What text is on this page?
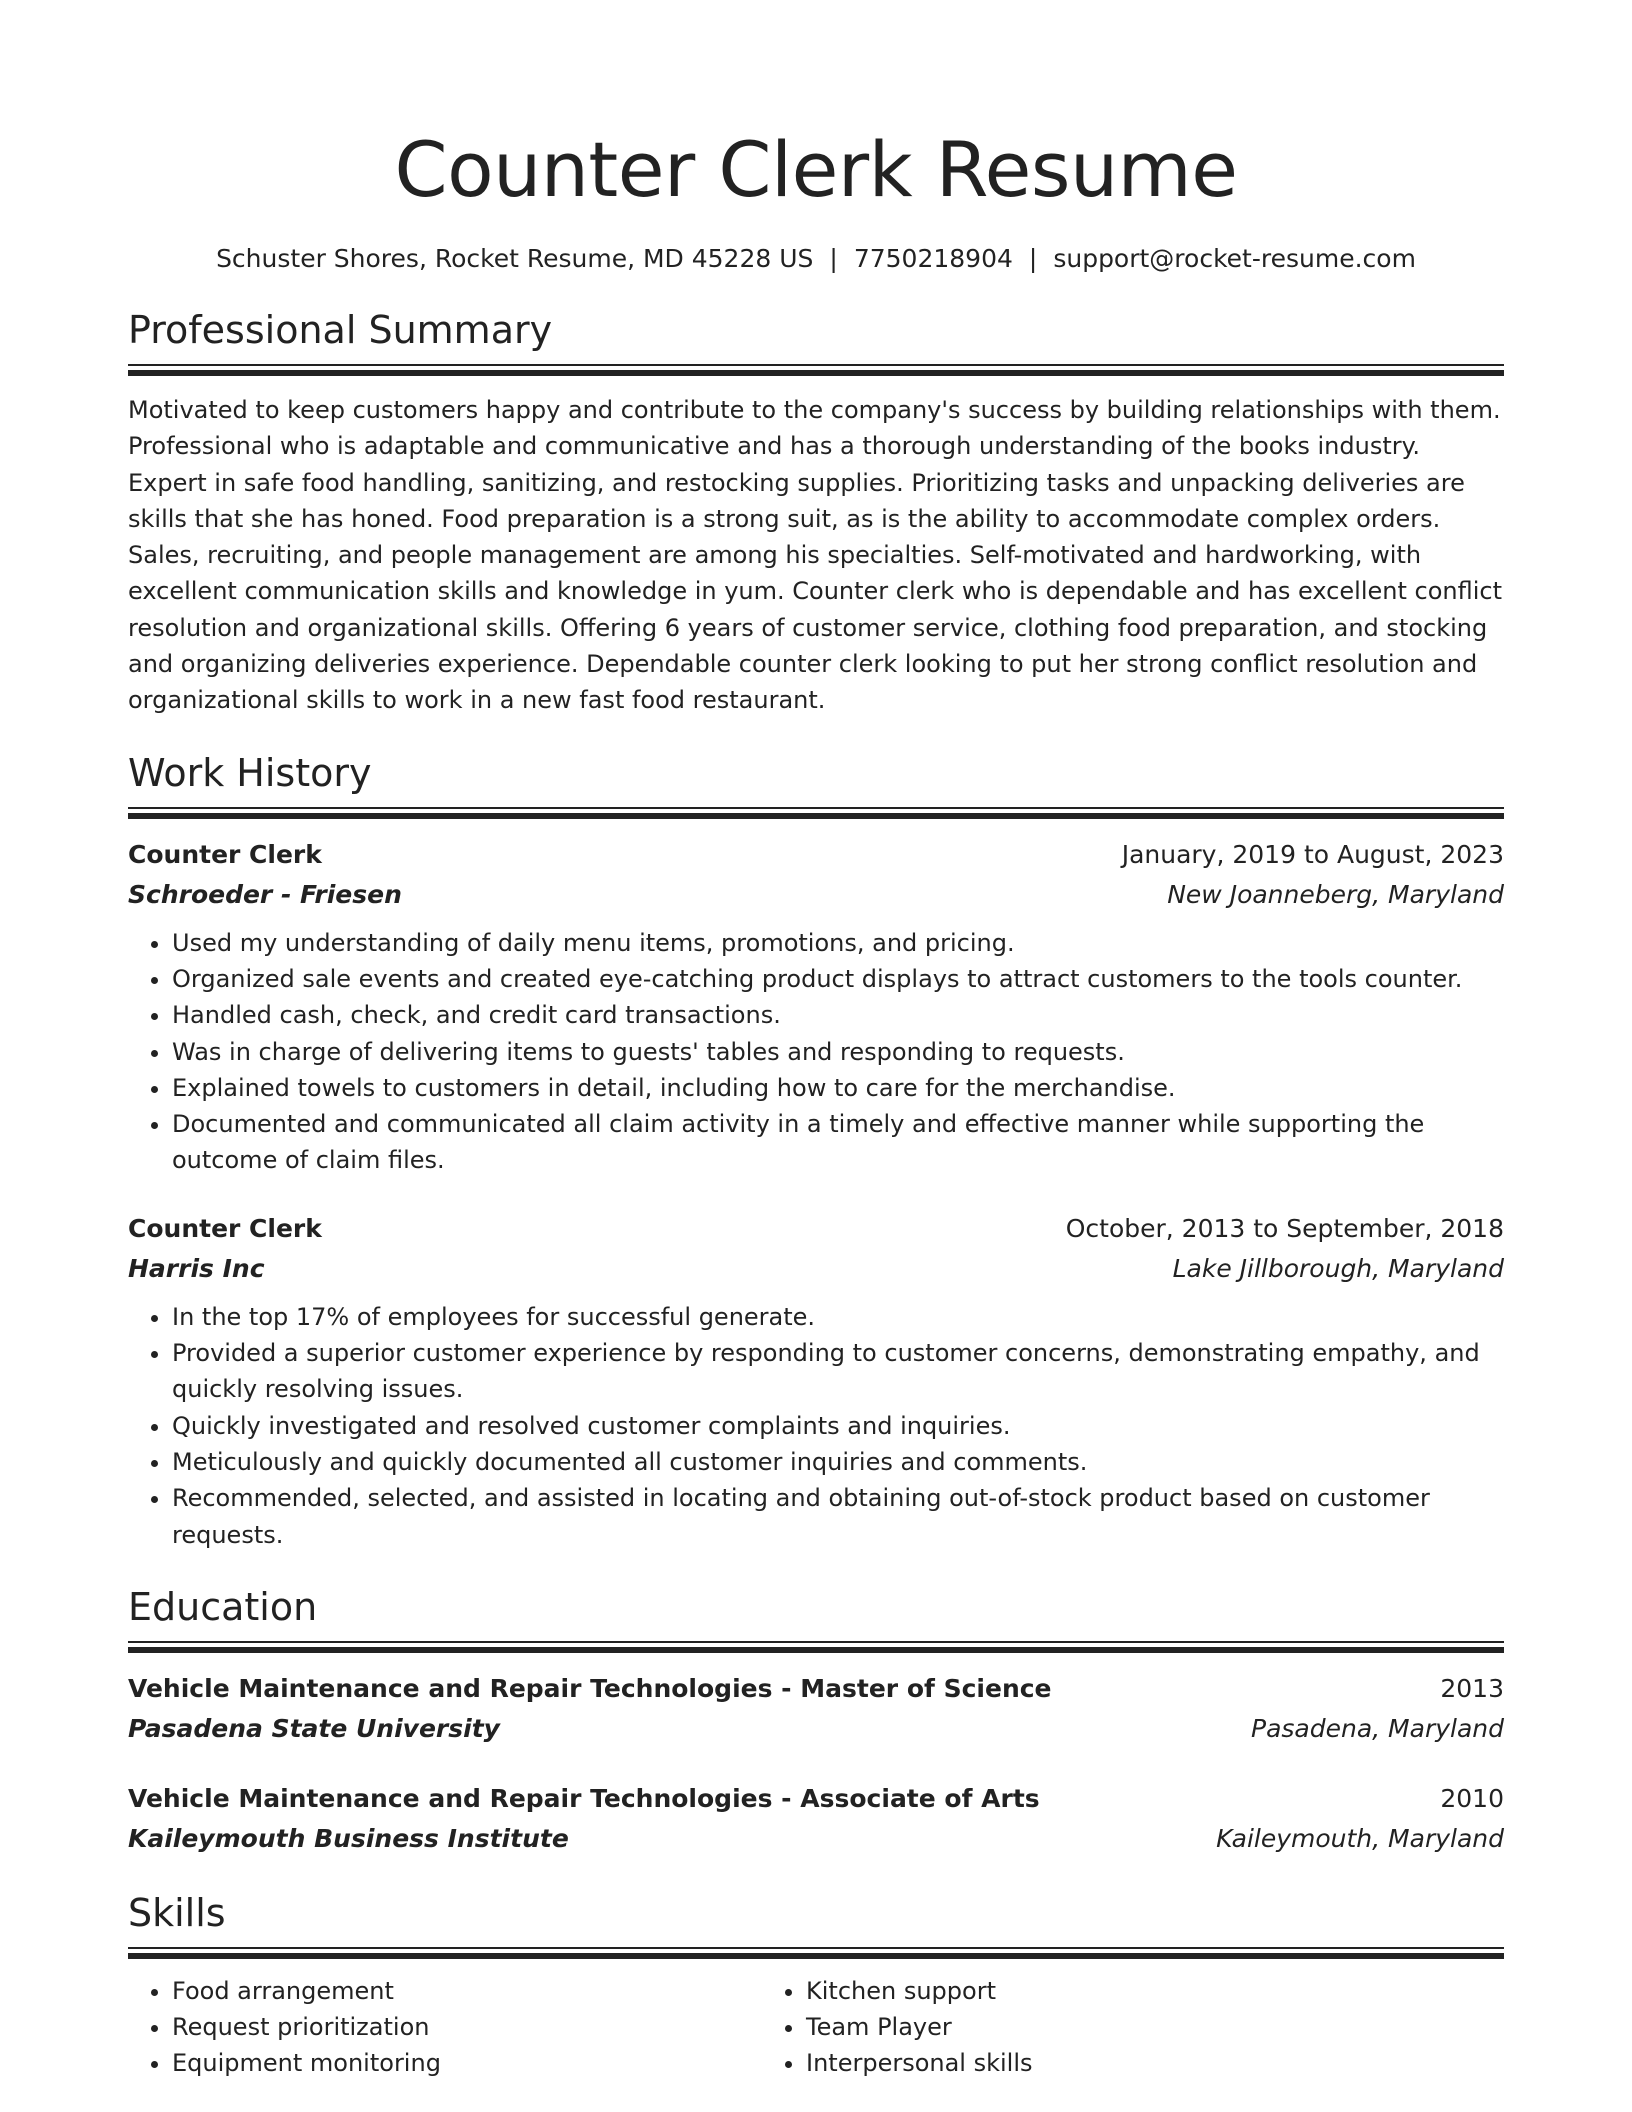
Counter Clerk Resume
Schuster Shores, Rocket Resume, MD 45228 US | 7750218904 | support@rocket-resume.com
Professional Summary
Motivated to keep customers happy and contribute to the company's success by building relationships with them. Professional who is adaptable and communicative and has a thorough understanding of the books industry. Expert in safe food handling, sanitizing, and restocking supplies. Prioritizing tasks and unpacking deliveries are skills that she has honed. Food preparation is a strong suit, as is the ability to accommodate complex orders. Sales, recruiting, and people management are among his specialties. Self-motivated and hardworking, with excellent communication skills and knowledge in yum. Counter clerk who is dependable and has excellent conflict resolution and organizational skills. Offering 6 years of customer service, clothing food preparation, and stocking and organizing deliveries experience. Dependable counter clerk looking to put her strong conflict resolution and organizational skills to work in a new fast food restaurant.
Work History
Counter Clerk	January, 2019 to August, 2023
Schroeder - Friesen	New Joanneberg, Maryland
• Used my understanding of daily menu items, promotions, and pricing.
• Organized sale events and created eye-catching product displays to attract customers to the tools counter.
• Handled cash, check, and credit card transactions.
• Was in charge of delivering items to guests' tables and responding to requests.
• Explained towels to customers in detail, including how to care for the merchandise.
• Documented and communicated all claim activity in a timely and effective manner while supporting the outcome of claim files.
Counter Clerk	October, 2013 to September, 2018
Harris Inc	Lake Jillborough, Maryland
• In the top 17% of employees for successful generate.
• Provided a superior customer experience by responding to customer concerns, demonstrating empathy, and quickly resolving issues.
• Quickly investigated and resolved customer complaints and inquiries.
• Meticulously and quickly documented all customer inquiries and comments.
• Recommended, selected, and assisted in locating and obtaining out-of-stock product based on customer requests.
Education
Vehicle Maintenance and Repair Technologies - Master of Science	2013
Pasadena State University	Pasadena, Maryland
Vehicle Maintenance and Repair Technologies - Associate of Arts	2010
Kaileymouth Business Institute	Kaileymouth, Maryland
Skills
• Food arrangement
• Request prioritization
• Equipment monitoring
• Kitchen support
• Team Player
• Interpersonal skills
